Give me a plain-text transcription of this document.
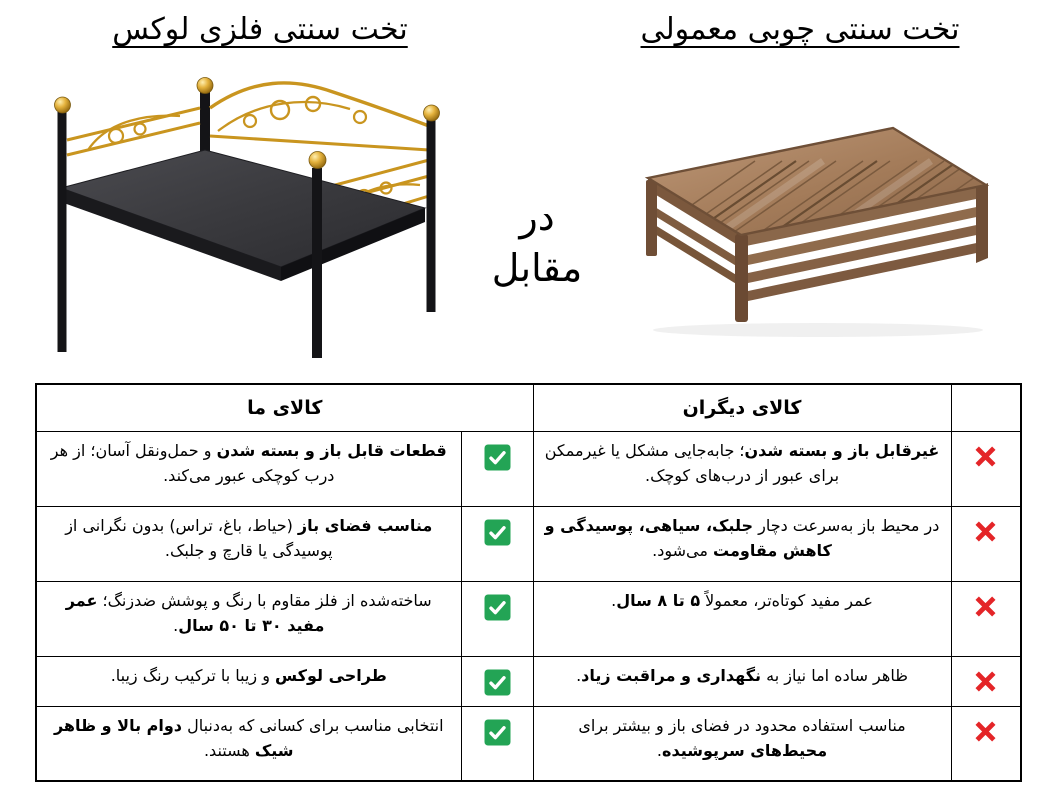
تخت سنتی چوبی معمولی
تخت سنتی فلزی لوکس
در
مقابل
	کالای دیگران	کالای ما	
	غیرقابل باز و بسته شدن؛ جابه‌جایی مشکل یا غیرممکن برای عبور از درب‌های کوچک.		قطعات قابل باز و بسته شدن و حمل‌ونقل آسان؛ از هر درب کوچکی عبور می‌کند.
	در محیط باز به‌سرعت دچار جلبک، سیاهی، پوسیدگی و کاهش مقاومت می‌شود.		مناسب فضای باز (حیاط، باغ، تراس) بدون نگرانی از پوسیدگی یا قارچ و جلبک.
	عمر مفید کوتاه‌تر، معمولاً ۵ تا ۸ سال.		ساخته‌شده از فلز مقاوم با رنگ و پوشش ضدزنگ؛ عمر مفید ۳۰ تا ۵۰ سال.
	ظاهر ساده اما نیاز به نگهداری و مراقبت زیاد.		طراحی لوکس و زیبا با ترکیب رنگ زیبا.
	مناسب استفاده محدود در فضای باز و بیشتر برای محیط‌های سرپوشیده.		انتخابی مناسب برای کسانی که به‌دنبال دوام بالا و ظاهر شیک هستند.
